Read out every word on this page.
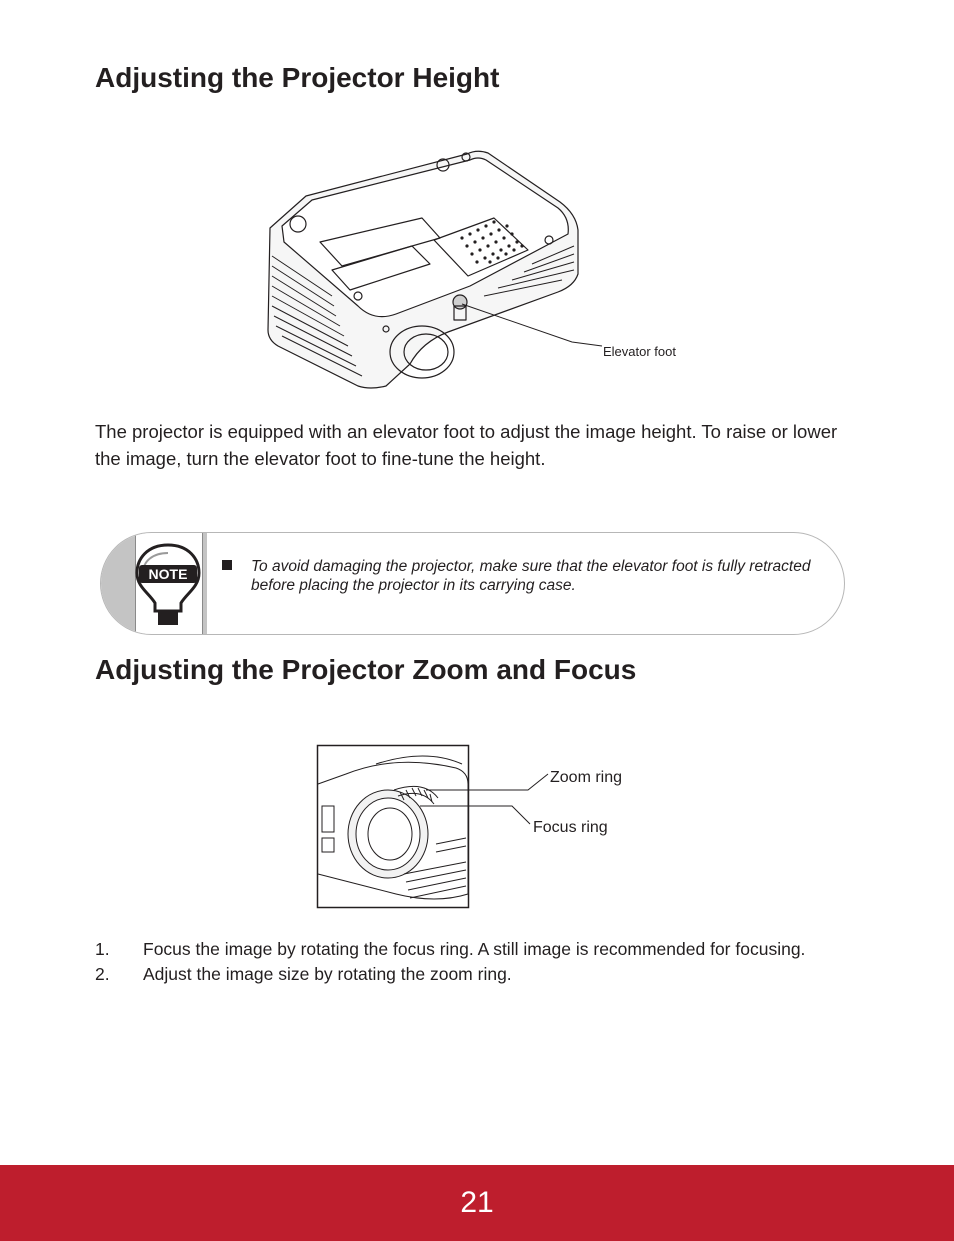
Adjusting the Projector Height
Elevator foot

The projector is equipped with an elevator foot to adjust the image height. To raise or lower the image, turn the elevator foot to fine-tune the height.

NOTE	To avoid damaging the projector, make sure that the elevator foot is fully retracted before placing the projector in its carrying case.

Adjusting the Projector Zoom and Focus
Zoom ring
Focus ring
1. Focus the image by rotating the focus ring. A still image is recommended for focusing.
2. Adjust the image size by rotating the zoom ring.
21
